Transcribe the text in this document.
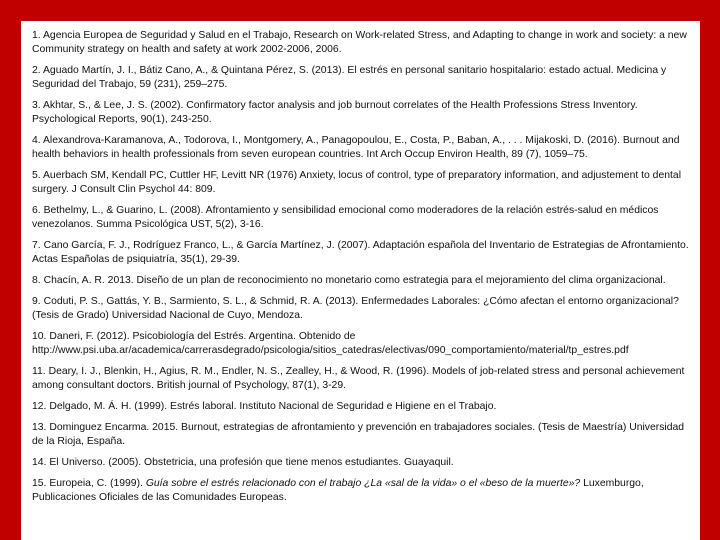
1. Agencia Europea de Seguridad y Salud en el Trabajo, Research on Work-related Stress, and Adapting to change in work and society: a new Community strategy on health and safety at work 2002-2006, 2006.

2. Aguado Martín, J. I., Bátiz Cano, A., & Quintana Pérez, S. (2013). El estrés en personal sanitario hospitalario: estado actual. Medicina y Seguridad del Trabajo, 59 (231), 259–275.

3. Akhtar, S., & Lee, J. S. (2002). Confirmatory factor analysis and job burnout correlates of the Health Professions Stress Inventory. Psychological Reports, 90(1), 243-250.

4. Alexandrova-Karamanova, A., Todorova, I., Montgomery, A., Panagopoulou, E., Costa, P., Baban, A., . . . Mijakoski, D. (2016). Burnout and health behaviors in health professionals from seven european countries. Int Arch Occup Environ Health, 89 (7), 1059–75.

5. Auerbach SM, Kendall PC, Cuttler HF, Levitt NR (1976) Anxiety, locus of control, type of preparatory information, and adjustement to dental surgery. J Consult Clin Psychol 44: 809.

6. Bethelmy, L., & Guarino, L. (2008). Afrontamiento y sensibilidad emocional como moderadores de la relación estrés-salud en médicos venezolanos. Summa Psicológica UST, 5(2), 3-16.

7. Cano García, F. J., Rodríguez Franco, L., & García Martínez, J. (2007). Adaptación española del Inventario de Estrategias de Afrontamiento. Actas Españolas de psiquiatría, 35(1), 29-39.

8. Chacín, A. R. 2013. Diseño de un plan de reconocimiento no monetario como estrategia para el mejoramiento del clima organizacional.

9. Coduti, P. S., Gattás, Y. B., Sarmiento, S. L., & Schmid, R. A. (2013). Enfermedades Laborales: ¿Cómo afectan el entorno organizacional? (Tesis de Grado) Universidad Nacional de Cuyo, Mendoza.

10. Daneri, F. (2012). Psicobiología del Estrés. Argentina. Obtenido de http://www.psi.uba.ar/academica/carrerasdegrado/psicologia/sitios_catedras/electivas/090_comportamiento/material/tp_estres.pdf

11. Deary, I. J., Blenkin, H., Agius, R. M., Endler, N. S., Zealley, H., & Wood, R. (1996). Models of job-related stress and personal achievement among consultant doctors. British journal of Psychology, 87(1), 3-29.

12. Delgado, M. Á. H. (1999). Estrés laboral. Instituto Nacional de Seguridad e Higiene en el Trabajo.

13. Dominguez Encarma. 2015. Burnout, estrategias de afrontamiento y prevención en trabajadores sociales. (Tesis de Maestría) Universidad de la Rioja, España.

14. El Universo. (2005). Obstetricia, una profesión que tiene menos estudiantes. Guayaquil.

15. Europeia, C. (1999). Guía sobre el estrés relacionado con el trabajo ¿La «sal de la vida» o el «beso de la muerte»? Luxemburgo, Publicaciones Oficiales de las Comunidades Europeas.
